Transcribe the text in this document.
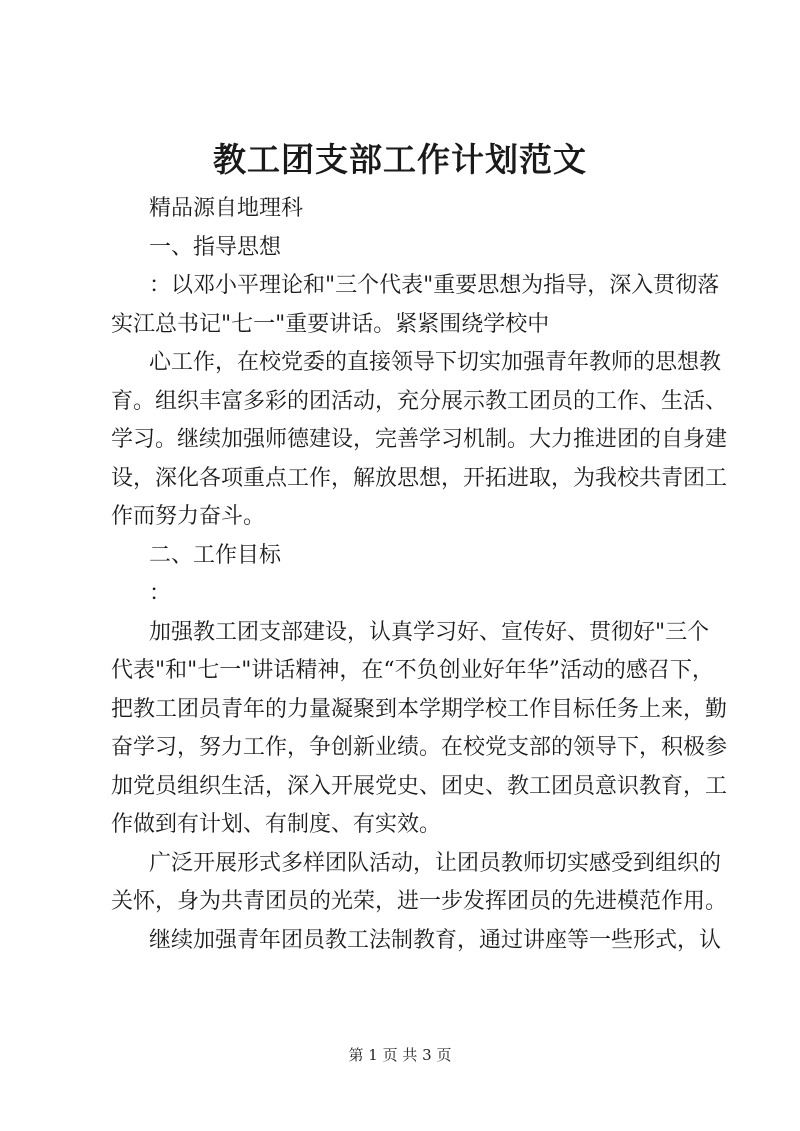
教工团支部工作计划范文

精品源自地理科

一、指导思想

：以邓小平理论和"三个代表"重要思想为指导，深入贯彻落
实江总书记"七一"重要讲话。紧紧围绕学校中
心工作，在校党委的直接领导下切实加强青年教师的思想教
育。组织丰富多彩的团活动，充分展示教工团员的工作、生活、
学习。继续加强师德建设，完善学习机制。大力推进团的自身建
设，深化各项重点工作，解放思想，开拓进取，为我校共青团工
作而努力奋斗。

二、工作目标

：

加强教工团支部建设，认真学习好、宣传好、贯彻好"三个
代表"和"七一"讲话精神，在“不负创业好年华”活动的感召下，
把教工团员青年的力量凝聚到本学期学校工作目标任务上来，勤
奋学习，努力工作，争创新业绩。在校党支部的领导下，积极参
加党员组织生活，深入开展党史、团史、教工团员意识教育，工
作做到有计划、有制度、有实效。
广泛开展形式多样团队活动，让团员教师切实感受到组织的
关怀，身为共青团员的光荣，进一步发挥团员的先进模范作用。
继续加强青年团员教工法制教育，通过讲座等一些形式，认
第 1 页 共 3 页
